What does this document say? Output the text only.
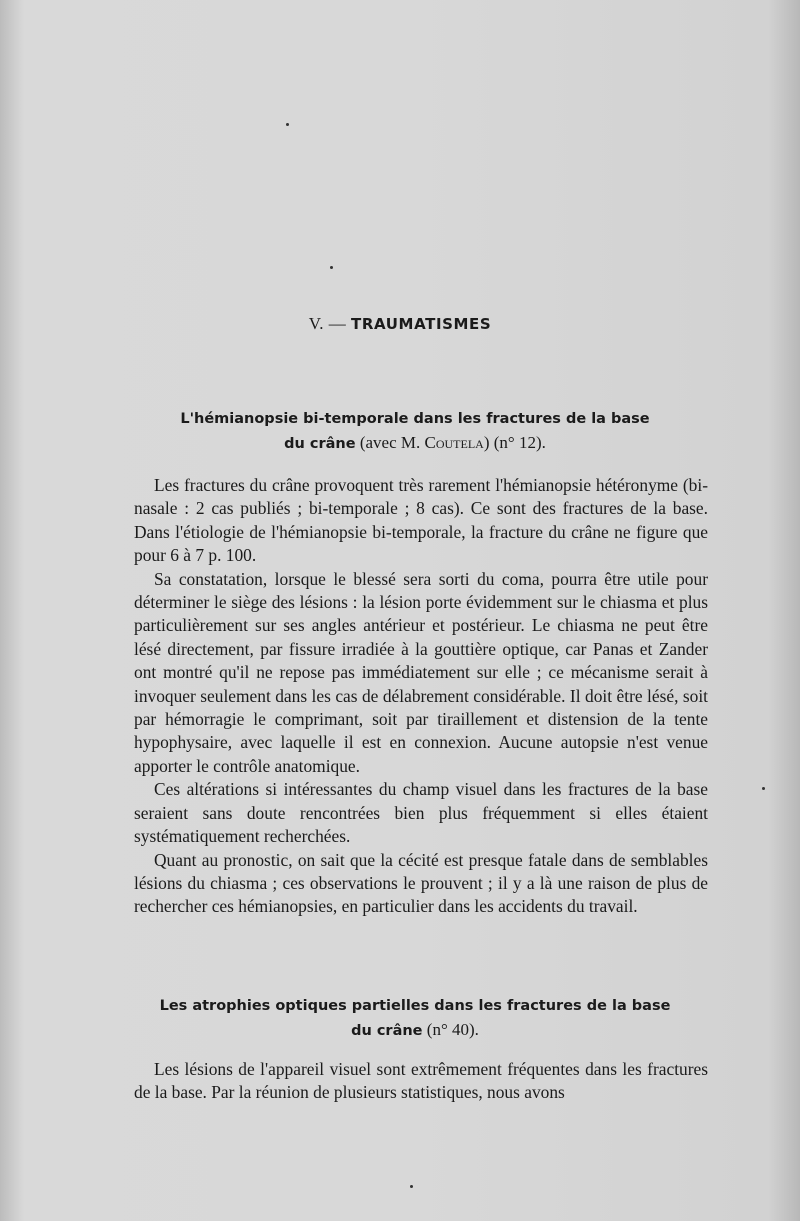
V. — TRAUMATISMES
L'hémianopsie bi-temporale dans les fractures de la base
du crâne (avec M. Coutela) (n° 12).

Les fractures du crâne provoquent très rarement l'hémianopsie hétéronyme (bi-nasale : 2 cas publiés ; bi-temporale ; 8 cas). Ce sont des fractures de la base. Dans l'étiologie de l'hémianopsie bi-temporale, la fracture du crâne ne figure que pour 6 à 7 p. 100.

Sa constatation, lorsque le blessé sera sorti du coma, pourra être utile pour déterminer le siège des lésions : la lésion porte évidemment sur le chiasma et plus particulièrement sur ses angles antérieur et postérieur. Le chiasma ne peut être lésé directement, par fissure irradiée à la gouttière optique, car Panas et Zander ont montré qu'il ne repose pas immédiatement sur elle ; ce mécanisme serait à invoquer seulement dans les cas de délabrement considérable. Il doit être lésé, soit par hémorragie le comprimant, soit par tiraillement et distension de la tente hypophysaire, avec laquelle il est en connexion. Aucune autopsie n'est venue apporter le contrôle anatomique.

Ces altérations si intéressantes du champ visuel dans les fractures de la base seraient sans doute rencontrées bien plus fréquemment si elles étaient systématiquement recherchées.

Quant au pronostic, on sait que la cécité est presque fatale dans de semblables lésions du chiasma ; ces observations le prouvent ; il y a là une raison de plus de rechercher ces hémianopsies, en particulier dans les accidents du travail.

Les atrophies optiques partielles dans les fractures de la base
du crâne (n° 40).

Les lésions de l'appareil visuel sont extrêmement fréquentes dans les fractures de la base. Par la réunion de plusieurs statistiques, nous avons
